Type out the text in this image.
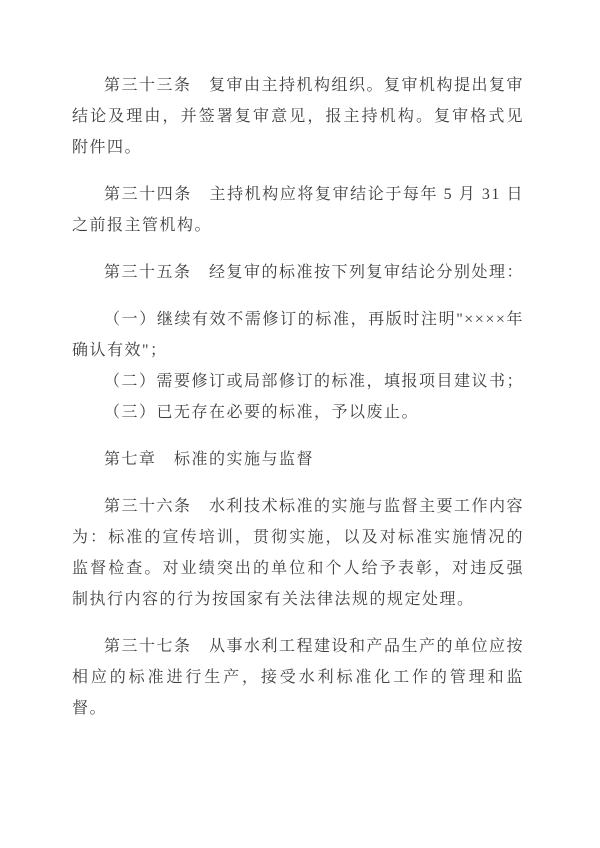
第三十三条　复审由主持机构组织。复审机构提出复审结论及理由，并签署复审意见，报主持机构。复审格式见附件四。

第三十四条　主持机构应将复审结论于每年 5 月 31 日之前报主管机构。

第三十五条　经复审的标准按下列复审结论分别处理：

（一）继续有效不需修订的标准，再版时注明"××××年确认有效"；

（二）需要修订或局部修订的标准，填报项目建议书；

（三）已无存在必要的标准，予以废止。

第七章　标准的实施与监督

第三十六条　水利技术标准的实施与监督主要工作内容为：标准的宣传培训，贯彻实施，以及对标准实施情况的监督检查。对业绩突出的单位和个人给予表彰，对违反强制执行内容的行为按国家有关法律法规的规定处理。

第三十七条　从事水利工程建设和产品生产的单位应按相应的标准进行生产，接受水利标准化工作的管理和监督。
